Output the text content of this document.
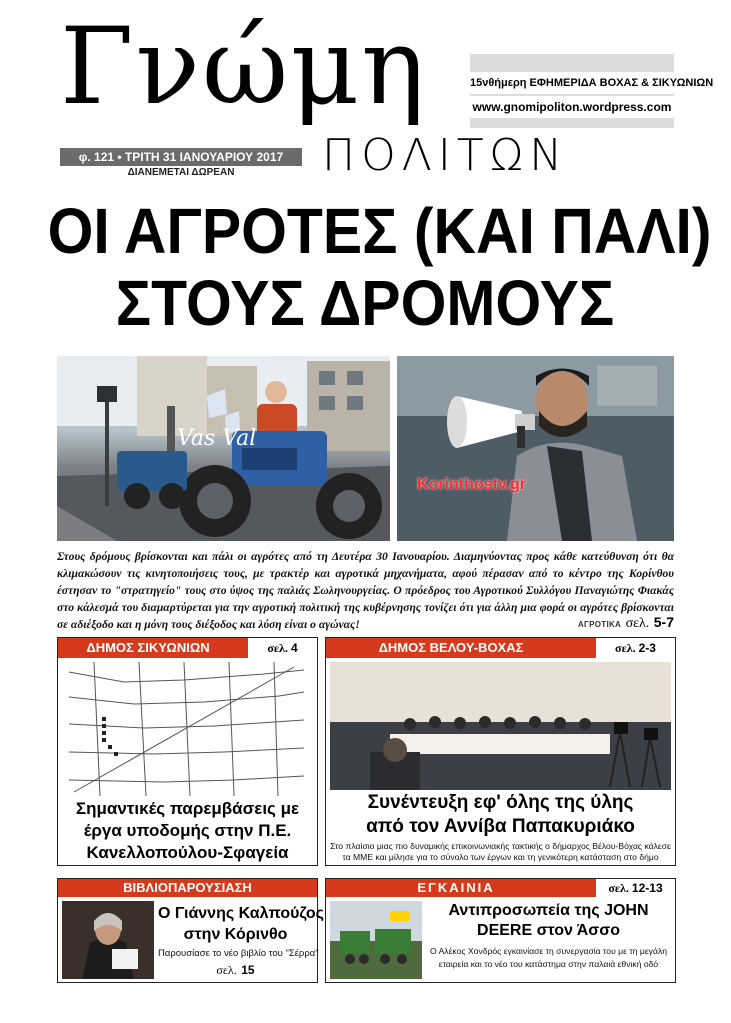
Γνώμη
ΠΟΛΙΤΩΝ
φ. 121 • ΤΡΙΤΗ 31 ΙΑΝΟΥΑΡΙΟΥ 2017
ΔΙΑΝΕΜΕΤΑΙ ΔΩΡΕΑΝ
15νθήμερη ΕΦΗΜΕΡΙΔΑ ΒΟΧΑΣ & ΣΙΚΥΩΝΙΩΝ
www.gnomipoliton.wordpress.com
ΟΙ ΑΓΡΟΤΕΣ (ΚΑΙ ΠΑΛΙ)
ΣΤΟΥΣ ΔΡΟΜΟΥΣ
Vas Val
Korinthostv.gr

Στους δρόμους βρίσκονται και πάλι οι αγρότες από τη Δευτέρα 30 Ιανουαρίου. Διαμηνύοντας προς κάθε κατεύθυνση ότι θα κλιμακώσουν τις κινητοποιήσεις τους, με τρακτέρ και αγροτικά μηχανήματα, αφού πέρασαν από το κέντρο της Κορίνθου έστησαν το "στρατηγείο" τους στο ύψος της παλιάς Σωληνουργείας. Ο πρόεδρος του Αγροτικού Συλλόγου Παναγιώτης Φιακάς στο κάλεσμά του διαμαρτύρεται για την αγροτική πολιτική της κυβέρνησης τονίζει ότι για άλλη μια φορά οι αγρότες βρίσκονται σε αδιέξοδο και η μόνη τους διέξοδος και λύση είναι ο αγώνας!	ΑΓΡΟΤΙΚΑ σελ. 5-7
ΔΗΜΟΣ ΣΙΚΥΩΝΙΩΝ	σελ. 4
Σημαντικές παρεμβάσεις με
έργα υποδομής στην Π.Ε.
Κανελλοπούλου-Σφαγεία
ΔΗΜΟΣ ΒΕΛΟΥ-ΒΟΧΑΣ	σελ. 2-3
Συνέντευξη εφ' όλης της ύλης
από τον Αννίβα Παπακυριάκο
Στο πλαίσιο μιας πιο δυναμικής επικοινωνιακής τακτικής ο δήμαρχος Βέλου-Βόχας κάλεσε
τα ΜΜΕ και μίλησε για το σύνολο των έργων και τη γενικότερη κατάσταση στο δήμο
ΒΙΒΛΙΟΠΑΡΟΥΣΙΑΣΗ
Ο Γιάννης Καλπούζος
στην Κόρινθο
Παρουσίασε το νέο βιβλίο του "Σέρρα"
σελ. 15
ΕΓΚΑΙΝΙΑ	σελ. 12-13
Αντιπροσωπεία της JOHN
DEERE στον Άσσο
Ο Αλέκος Χονδρός εγκαινίασε τη συνεργασία του με τη μεγάλη
εταιρεία και το νέο του κατάστημα στην παλαιά εθνική οδό
